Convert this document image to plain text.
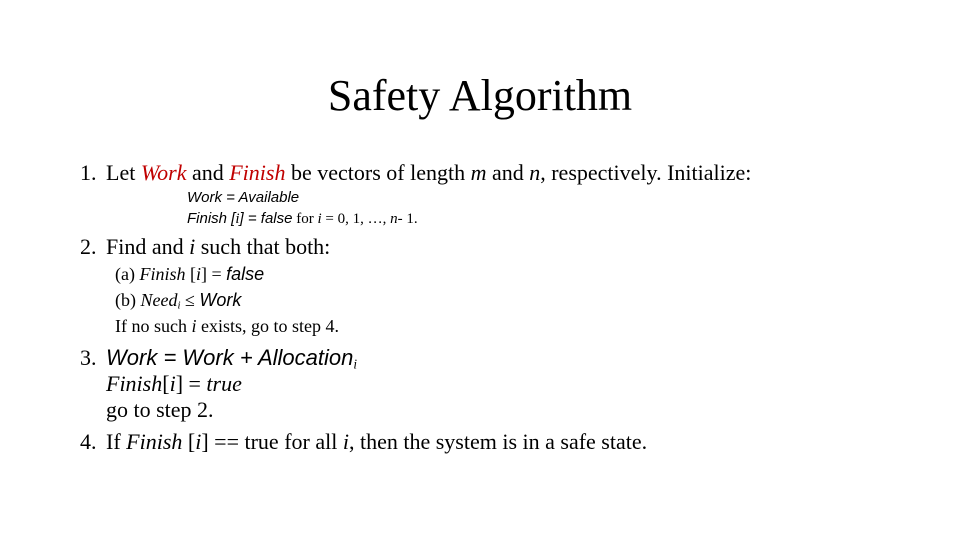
Safety Algorithm
1. Let Work and Finish be vectors of length m and n, respectively. Initialize:
Work = Available
Finish [i] = false for i = 0, 1, …, n- 1.
2. Find and i such that both:
(a) Finish [i] = false
(b) Need$_i$ ≤ Work
If no such i exists, go to step 4.
3. Work = Work + Allocation$_i$
Finish[i] = true
go to step 2.
4. If Finish [i] == true for all i, then the system is in a safe state.
